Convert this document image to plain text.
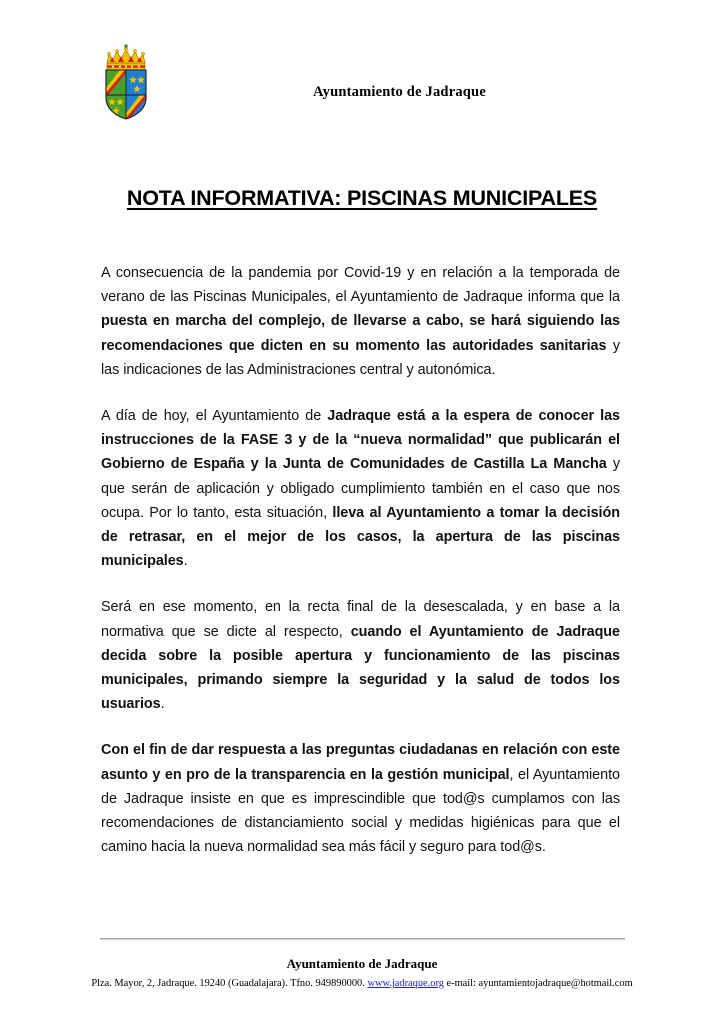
Ayuntamiento de Jadraque
NOTA INFORMATIVA: PISCINAS MUNICIPALES

A consecuencia de la pandemia por Covid-19 y en relación a la temporada de verano de las Piscinas Municipales, el Ayuntamiento de Jadraque informa que la puesta en marcha del complejo, de llevarse a cabo, se hará siguiendo las recomendaciones que dicten en su momento las autoridades sanitarias y las indicaciones de las Administraciones central y autonómica.

A día de hoy, el Ayuntamiento de Jadraque está a la espera de conocer las instrucciones de la FASE 3 y de la “nueva normalidad” que publicarán el Gobierno de España y la Junta de Comunidades de Castilla La Mancha y que serán de aplicación y obligado cumplimiento también en el caso que nos ocupa. Por lo tanto, esta situación, lleva al Ayuntamiento a tomar la decisión de retrasar, en el mejor de los casos, la apertura de las piscinas municipales.

Será en ese momento, en la recta final de la desescalada, y en base a la normativa que se dicte al respecto, cuando el Ayuntamiento de Jadraque decida sobre la posible apertura y funcionamiento de las piscinas municipales, primando siempre la seguridad y la salud de todos los usuarios.

Con el fin de dar respuesta a las preguntas ciudadanas en relación con este asunto y en pro de la transparencia en la gestión municipal, el Ayuntamiento de Jadraque insiste en que es imprescindible que tod@s cumplamos con las recomendaciones de distanciamiento social y medidas higiénicas para que el camino hacia la nueva normalidad sea más fácil y seguro para tod@s.

Ayuntamiento de Jadraque
Plza. Mayor, 2, Jadraque. 19240 (Guadalajara). Tfno. 949890000. www.jadraque.org e-mail: ayuntamientojadraque@hotmail.com
